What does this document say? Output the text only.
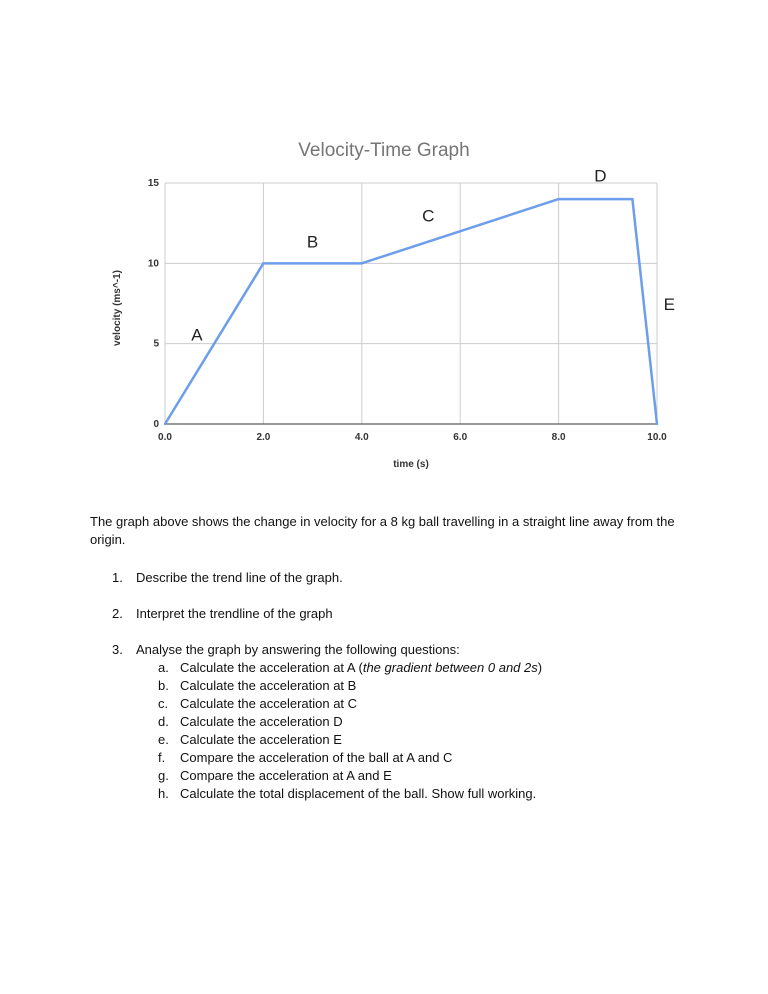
Velocity-Time Graph
0.0	2.0	4.0	6.0	8.0	10.0
0
5
10
15
time (s)
velocity (ms^-1)	A
B
C
D
E
The graph above shows the change in velocity for a 8 kg ball travelling in a straight line away from the origin.
1. Describe the trend line of the graph.
2. Interpret the trendline of the graph
3. Analyse the graph by answering the following questions:
a. Calculate the acceleration at A (the gradient between 0 and 2s)
b. Calculate the acceleration at B
c. Calculate the acceleration at C
d. Calculate the acceleration D
e. Calculate the acceleration E
f.	Compare the acceleration of the ball at A and C
g. Compare the acceleration at A and E
h. Calculate the total displacement of the ball. Show full working.
